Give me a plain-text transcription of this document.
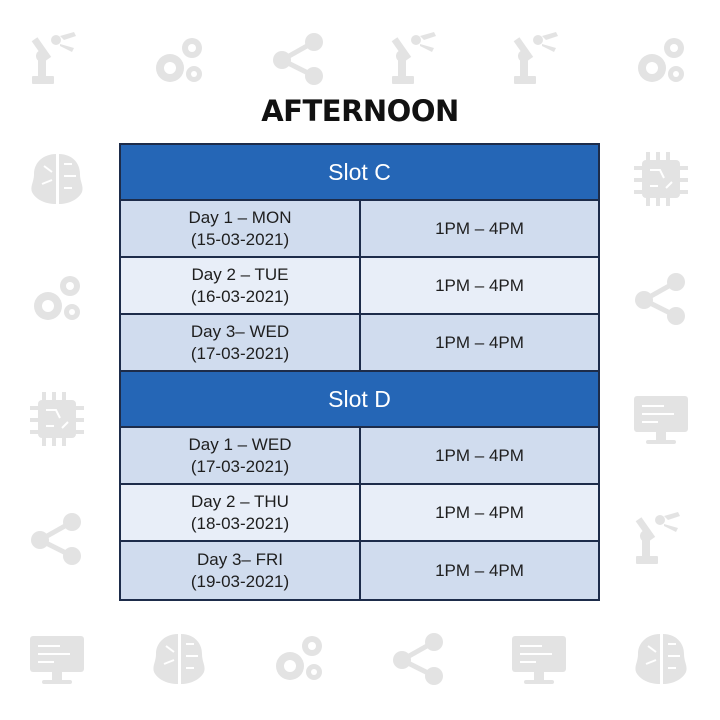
AFTERNOON
Slot C
Day 1 – MON
(15-03-2021)
1PM – 4PM
Day 2 – TUE
(16-03-2021)
1PM – 4PM
Day 3– WED
(17-03-2021)
1PM – 4PM
Slot D
Day 1 – WED
(17-03-2021)
1PM – 4PM
Day 2 – THU
(18-03-2021)
1PM – 4PM
Day 3– FRI
(19-03-2021)
1PM – 4PM
